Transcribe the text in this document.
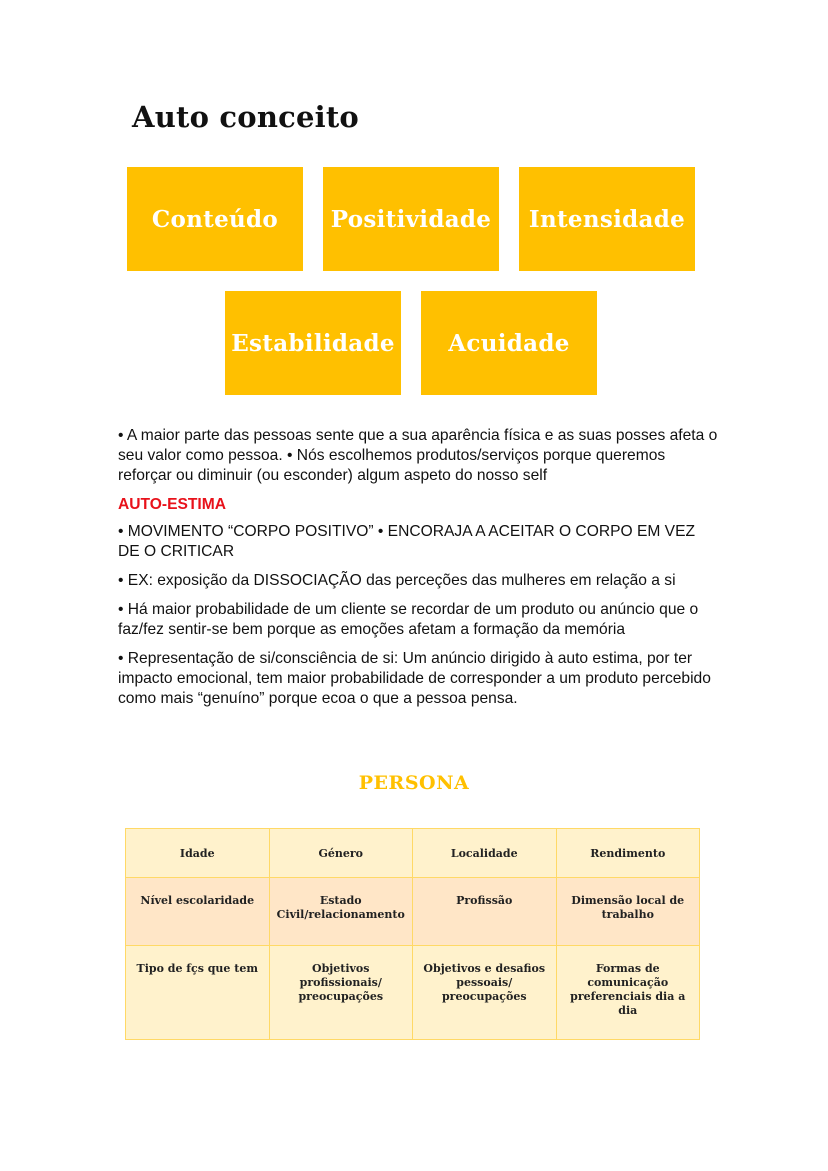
Auto conceito
Conteúdo	Positividade	Intensidade
Estabilidade	Acuidade

• A maior parte das pessoas sente que a sua aparência física e as suas posses afeta o seu valor como pessoa. • Nós escolhemos produtos/serviços porque queremos reforçar ou diminuir (ou esconder) algum aspeto do nosso self

AUTO-ESTIMA

• MOVIMENTO “CORPO POSITIVO” • ENCORAJA A ACEITAR O CORPO EM VEZ DE O CRITICAR

• EX: exposição da DISSOCIAÇÃO das perceções das mulheres em relação a si

• Há maior probabilidade de um cliente se recordar de um produto ou anúncio que o faz/fez sentir-se bem porque as emoções afetam a formação da memória

• Representação de si/consciência de si: Um anúncio dirigido à auto estima, por ter impacto emocional, tem maior probabilidade de corresponder a um produto percebido como mais “genuíno” porque ecoa o que a pessoa pensa.

PERSONA
Idade	Género	Localidade	Rendimento
Nível escolaridade	Estado Civil/relacionamento	Profissão	Dimensão local de trabalho
Tipo de fçs que tem	Objetivos profissionais/ preocupações	Objetivos e desafios pessoais/ preocupações	Formas de comunicação preferenciais dia a dia
